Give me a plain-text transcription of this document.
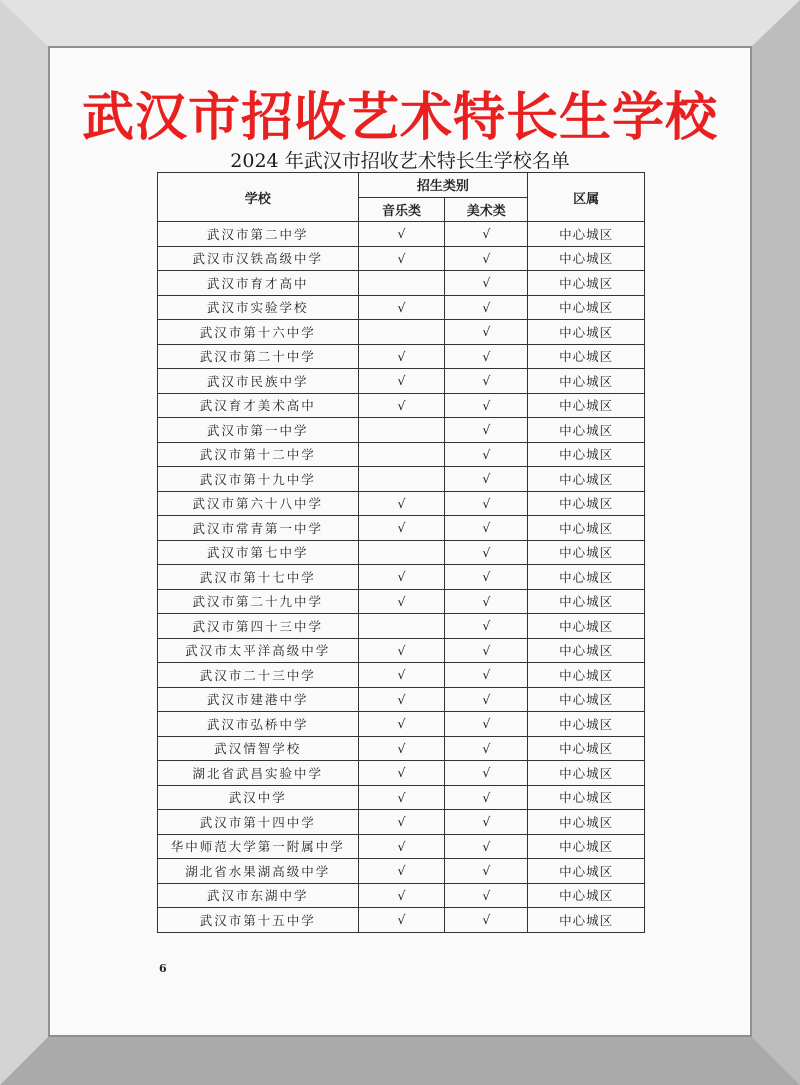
武汉市招收艺术特长生学校
2024 年武汉市招收艺术特长生学校名单
学校	招生类别		区属
	音乐类	美术类	
武汉市第二中学	√	√	中心城区
武汉市汉铁高级中学	√	√	中心城区
武汉市育才高中		√	中心城区
武汉市实验学校	√	√	中心城区
武汉市第十六中学		√	中心城区
武汉市第二十中学	√	√	中心城区
武汉市民族中学	√	√	中心城区
武汉育才美术高中	√	√	中心城区
武汉市第一中学		√	中心城区
武汉市第十二中学		√	中心城区
武汉市第十九中学		√	中心城区
武汉市第六十八中学	√	√	中心城区
武汉市常青第一中学	√	√	中心城区
武汉市第七中学		√	中心城区
武汉市第十七中学	√	√	中心城区
武汉市第二十九中学	√	√	中心城区
武汉市第四十三中学		√	中心城区
武汉市太平洋高级中学	√	√	中心城区
武汉市二十三中学	√	√	中心城区
武汉市建港中学	√	√	中心城区
武汉市弘桥中学	√	√	中心城区
武汉情智学校	√	√	中心城区
湖北省武昌实验中学	√	√	中心城区
武汉中学	√	√	中心城区
武汉市第十四中学	√	√	中心城区
华中师范大学第一附属中学	√	√	中心城区
湖北省水果湖高级中学	√	√	中心城区
武汉市东湖中学	√	√	中心城区
武汉市第十五中学	√	√	中心城区
6
